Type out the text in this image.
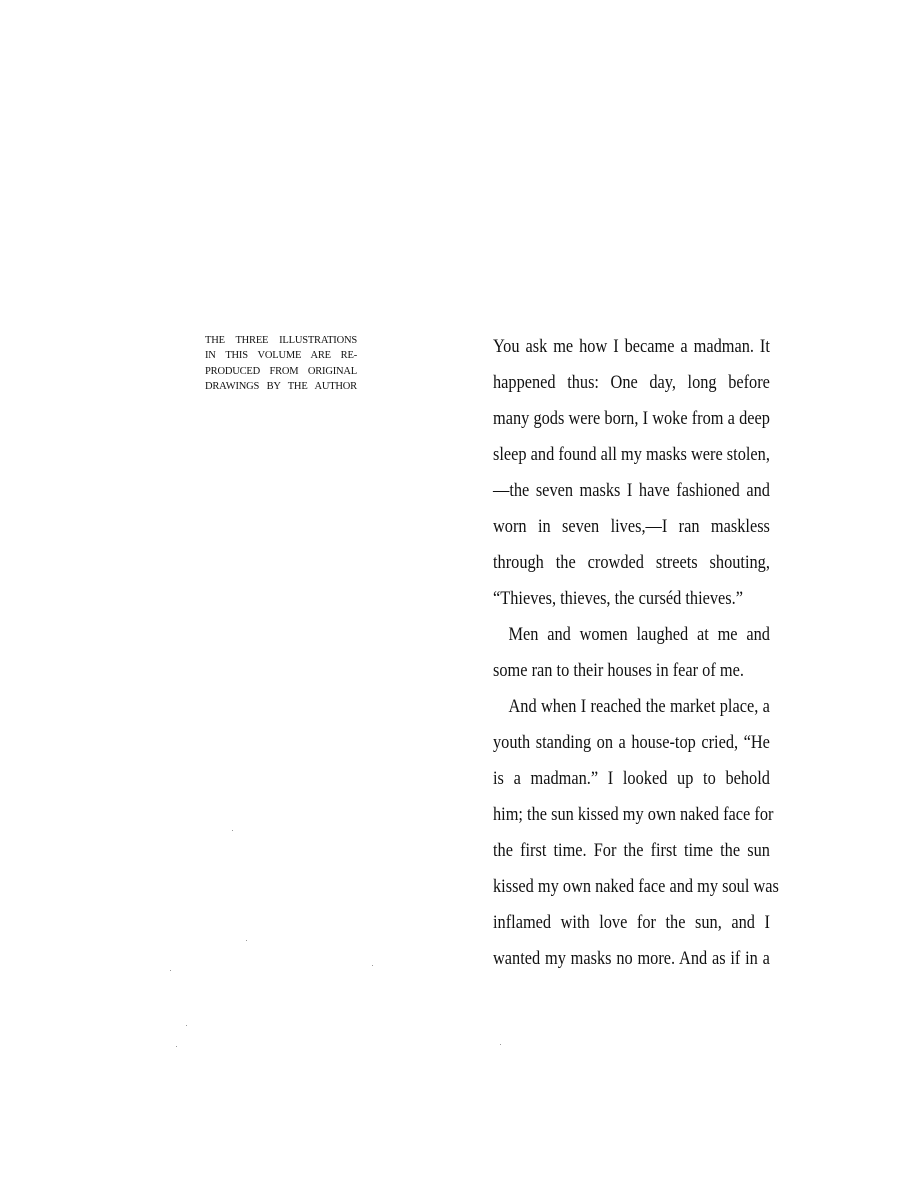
THE THREE ILLUSTRATIONS
IN THIS VOLUME ARE RE-
PRODUCED FROM ORIGINAL
DRAWINGS BY THE AUTHOR
You ask me how I became a madman. It
happened thus: One day, long before
many gods were born, I woke from a deep
sleep and found all my masks were stolen,
—the seven masks I have fashioned and
worn in seven lives,—I ran maskless
through the crowded streets shouting,
“Thieves, thieves, the curséd thieves.”
Men and women laughed at me and
some ran to their houses in fear of me.
And when I reached the market place, a
youth standing on a house-top cried, “He
is a madman.” I looked up to behold
him; the sun kissed my own naked face for
the first time. For the first time the sun
kissed my own naked face and my soul was
inflamed with love for the sun, and I
wanted my masks no more. And as if in a
